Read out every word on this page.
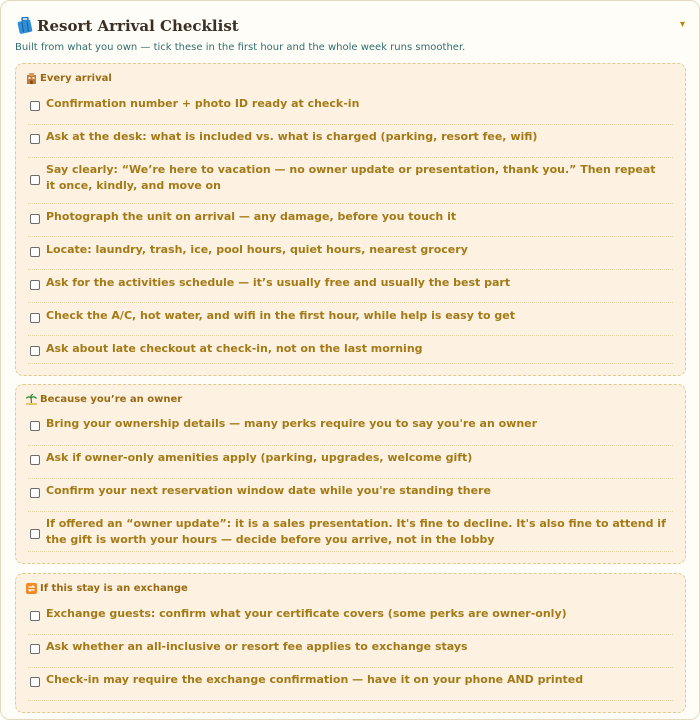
Resort Arrival Checklist	▾
Built from what you own — tick these in the first hour and the whole week runs smoother.
Every arrival
Confirmation number + photo ID ready at check-in
Ask at the desk: what is included vs. what is charged (parking, resort fee, wifi)
Say clearly: “We’re here to vacation — no owner update or presentation, thank you.” Then repeat it once, kindly, and move on
Photograph the unit on arrival — any damage, before you touch it
Locate: laundry, trash, ice, pool hours, quiet hours, nearest grocery
Ask for the activities schedule — it’s usually free and usually the best part
Check the A/C, hot water, and wifi in the first hour, while help is easy to get
Ask about late checkout at check-in, not on the last morning
Because you’re an owner
Bring your ownership details — many perks require you to say you're an owner
Ask if owner-only amenities apply (parking, upgrades, welcome gift)
Confirm your next reservation window date while you're standing there
If offered an “owner update”: it is a sales presentation. It's fine to decline. It's also fine to attend if the gift is worth your hours — decide before you arrive, not in the lobby
If this stay is an exchange
Exchange guests: confirm what your certificate covers (some perks are owner-only)
Ask whether an all-inclusive or resort fee applies to exchange stays
Check-in may require the exchange confirmation — have it on your phone AND printed
